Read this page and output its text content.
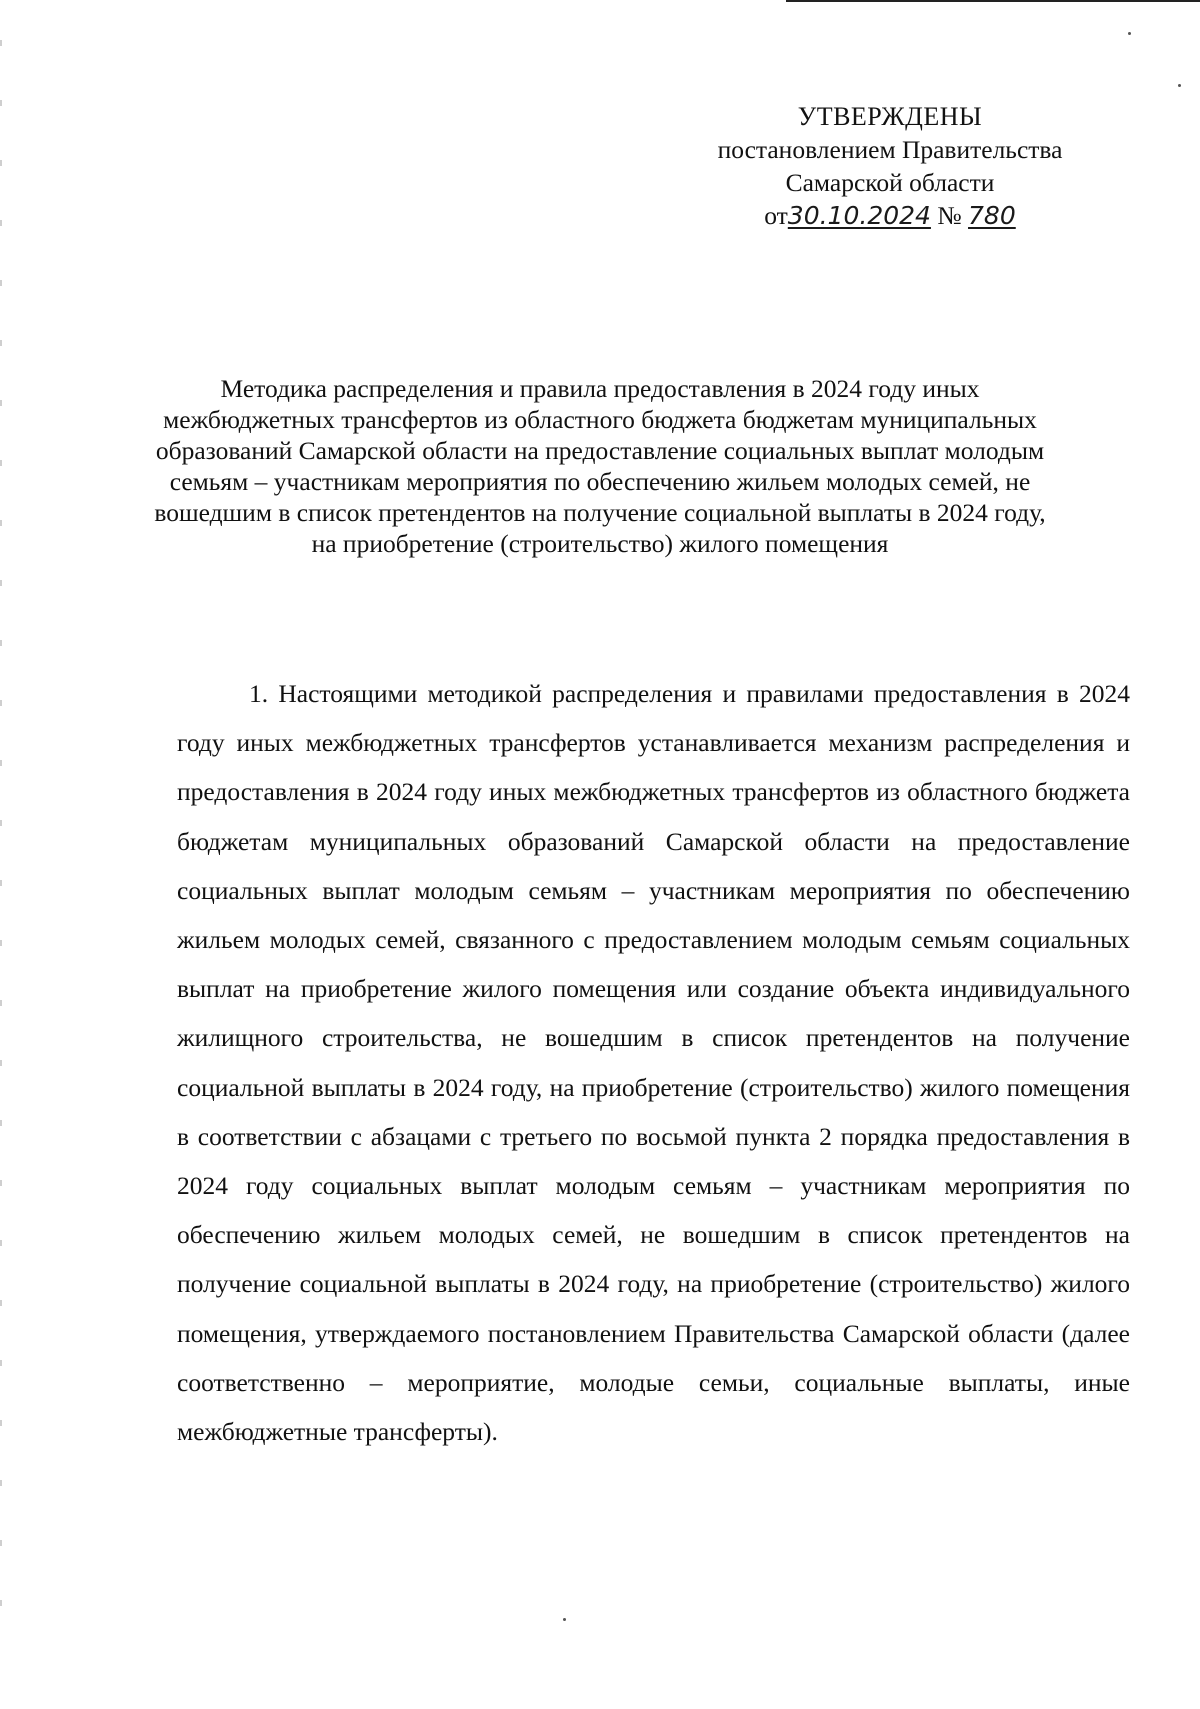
УТВЕРЖДЕНЫ
постановлением Правительства
Самарской области
от30.10.2024 № 780
Методика распределения и правила предоставления в 2024 году иных межбюджетных трансфертов из областного бюджета бюджетам муниципальных образований Самарской области на предоставление социальных выплат молодым семьям – участникам мероприятия по обеспечению жильем молодых семей, не вошедшим в список претендентов на получение социальной выплаты в 2024 году, на приобретение (строительство) жилого помещения

1. Настоящими методикой распределения и правилами предоставления в 2024 году иных межбюджетных трансфертов устанавливается механизм распределения и предоставления в 2024 году иных межбюджетных трансфертов из областного бюджета бюджетам муниципальных образований Самарской области на предоставление социальных выплат молодым семьям – участникам мероприятия по обеспечению жильем молодых семей, связанного с предоставлением молодым семьям социальных выплат на приобретение жилого помещения или создание объекта индивидуального жилищного строительства, не вошедшим в список претендентов на получение социальной выплаты в 2024 году, на приобретение (строительство) жилого помещения в соответствии с абзацами с третьего по восьмой пункта 2 порядка предоставления в 2024 году социальных выплат молодым семьям – участникам мероприятия по обеспечению жильем молодых семей, не вошедшим в список претендентов на получение социальной выплаты в 2024 году, на приобретение (строительство) жилого помещения, утверждаемого постановлением Правительства Самарской области (далее соответственно – мероприятие, молодые семьи, социальные выплаты, иные межбюджетные трансферты).
